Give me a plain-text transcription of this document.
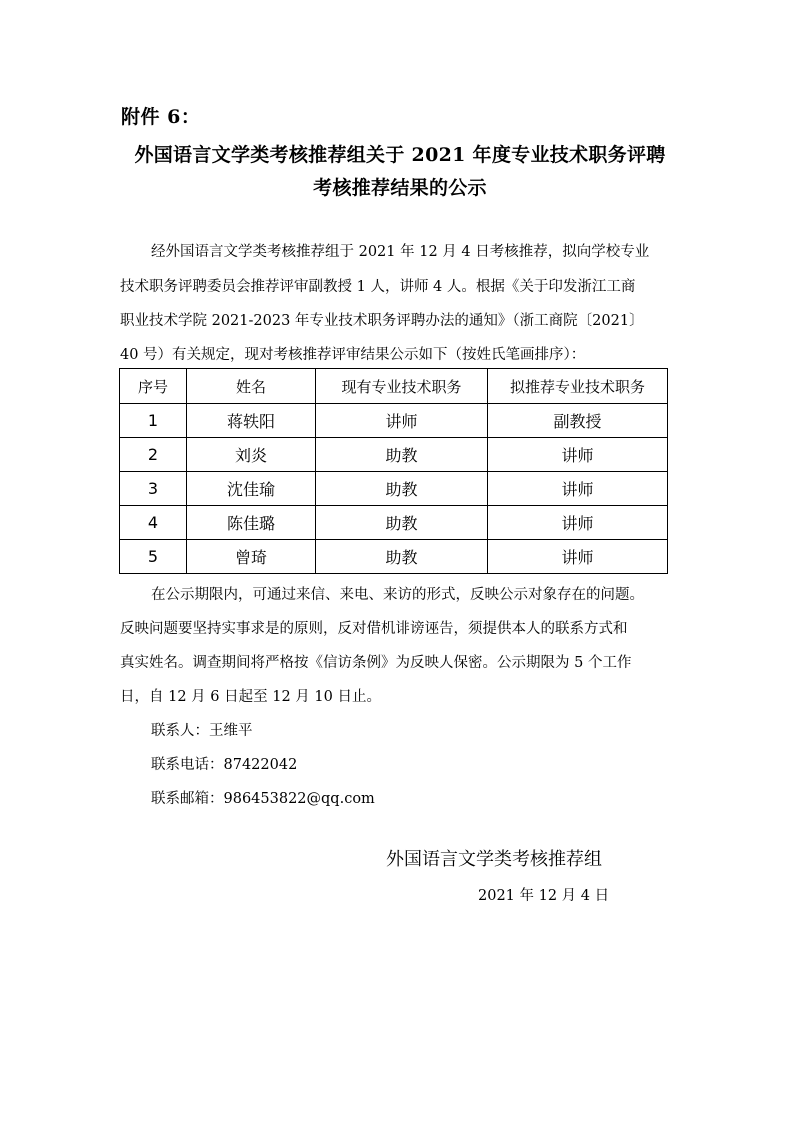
附件 6：
外国语言文学类考核推荐组关于 2021 年度专业技术职务评聘
考核推荐结果的公示
经外国语言文学类考核推荐组于 2021 年 12 月 4 日考核推荐，拟向学校专业
技术职务评聘委员会推荐评审副教授 1 人，讲师 4 人。根据《关于印发浙江工商
职业技术学院 2021-2023 年专业技术职务评聘办法的通知》（浙工商院〔2021〕
40 号）有关规定，现对考核推荐评审结果公示如下（按姓氏笔画排序）：
序号	姓名	现有专业技术职务	拟推荐专业技术职务
1	蒋轶阳	讲师	副教授
2	刘炎	助教	讲师
3	沈佳瑜	助教	讲师
4	陈佳璐	助教	讲师
5	曾琦	助教	讲师
在公示期限内，可通过来信、来电、来访的形式，反映公示对象存在的问题。
反映问题要坚持实事求是的原则，反对借机诽谤诬告，须提供本人的联系方式和
真实姓名。调查期间将严格按《信访条例》为反映人保密。公示期限为 5 个工作
日，自 12 月 6 日起至 12 月 10 日止。
联系人：王维平
联系电话：87422042
联系邮箱：986453822@qq.com
外国语言文学类考核推荐组
2021 年 12 月 4 日
